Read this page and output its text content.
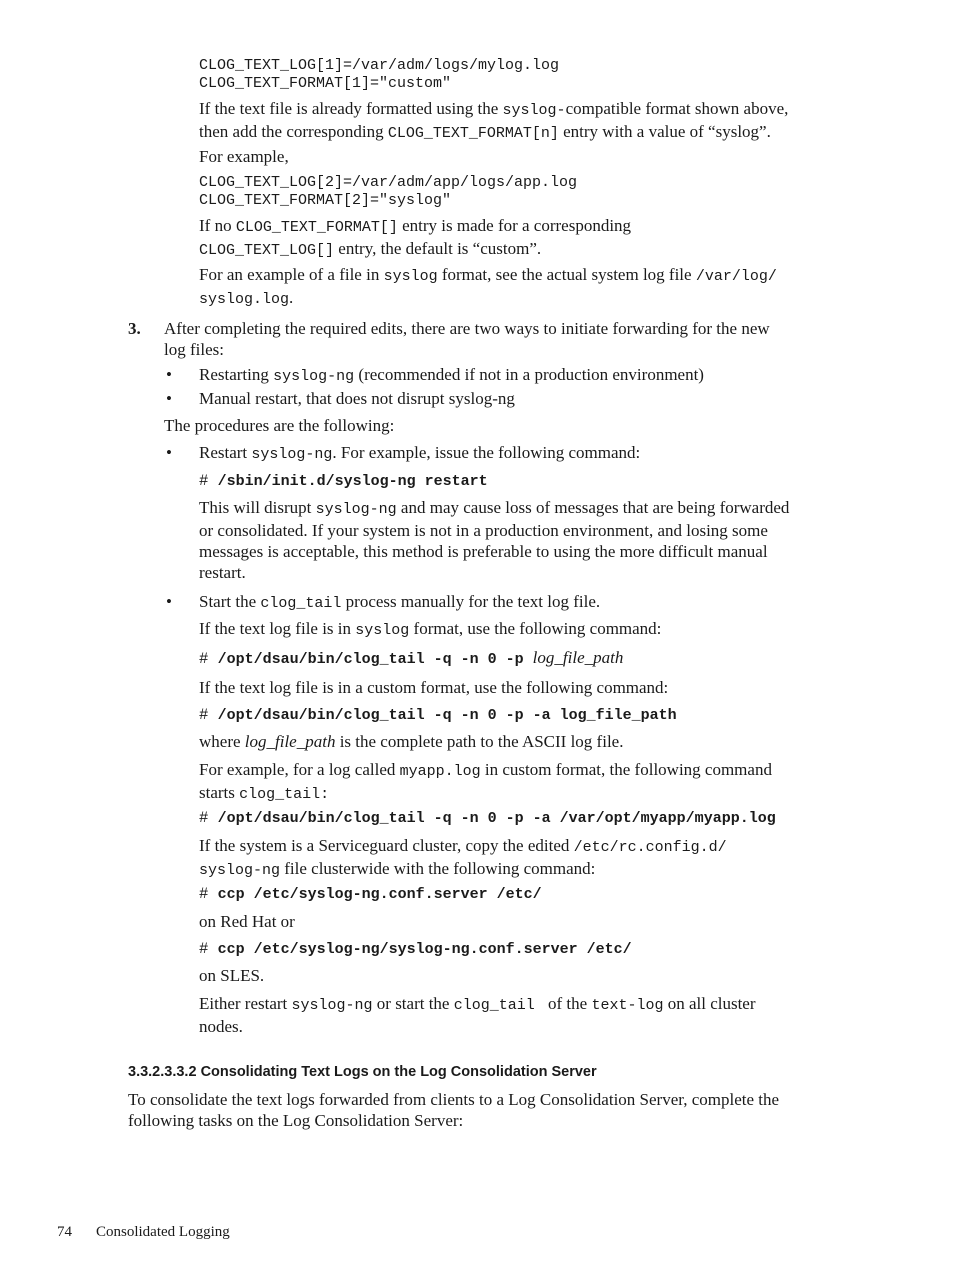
CLOG_TEXT_LOG[1]=/var/adm/logs/mylog.log
CLOG_TEXT_FORMAT[1]="custom"
If the text file is already formatted using the syslog-compatible format shown above,
then add the corresponding CLOG_TEXT_FORMAT[n] entry with a value of “syslog”.
For example,
CLOG_TEXT_LOG[2]=/var/adm/app/logs/app.log
CLOG_TEXT_FORMAT[2]="syslog"
If no CLOG_TEXT_FORMAT[] entry is made for a corresponding
CLOG_TEXT_LOG[] entry, the default is “custom”.
For an example of a file in syslog format, see the actual system log file /var/log/
syslog.log.
3. After completing the required edits, there are two ways to initiate forwarding for the new
log files:
• Restarting syslog-ng (recommended if not in a production environment)
• Manual restart, that does not disrupt syslog-ng
The procedures are the following:
• Restart syslog-ng. For example, issue the following command:
# /sbin/init.d/syslog-ng restart
This will disrupt syslog-ng and may cause loss of messages that are being forwarded
or consolidated. If your system is not in a production environment, and losing some
messages is acceptable, this method is preferable to using the more difficult manual
restart.
• Start the clog_tail process manually for the text log file.
If the text log file is in syslog format, use the following command:
# /opt/dsau/bin/clog_tail -q -n 0 -p log_file_path
If the text log file is in a custom format, use the following command:
# /opt/dsau/bin/clog_tail -q -n 0 -p -a log_file_path
where log_file_path is the complete path to the ASCII log file.
For example, for a log called myapp.log in custom format, the following command
starts clog_tail:
# /opt/dsau/bin/clog_tail -q -n 0 -p -a /var/opt/myapp/myapp.log
If the system is a Serviceguard cluster, copy the edited /etc/rc.config.d/
syslog-ng file clusterwide with the following command:
# ccp /etc/syslog-ng.conf.server /etc/
on Red Hat or
# ccp /etc/syslog-ng/syslog-ng.conf.server /etc/
on SLES.
Either restart syslog-ng or start the clog_tail  of the text-log on all cluster
nodes.
3.3.2.3.3.2 Consolidating Text Logs on the Log Consolidation Server
To consolidate the text logs forwarded from clients to a Log Consolidation Server, complete the
following tasks on the Log Consolidation Server:
74 Consolidated Logging
